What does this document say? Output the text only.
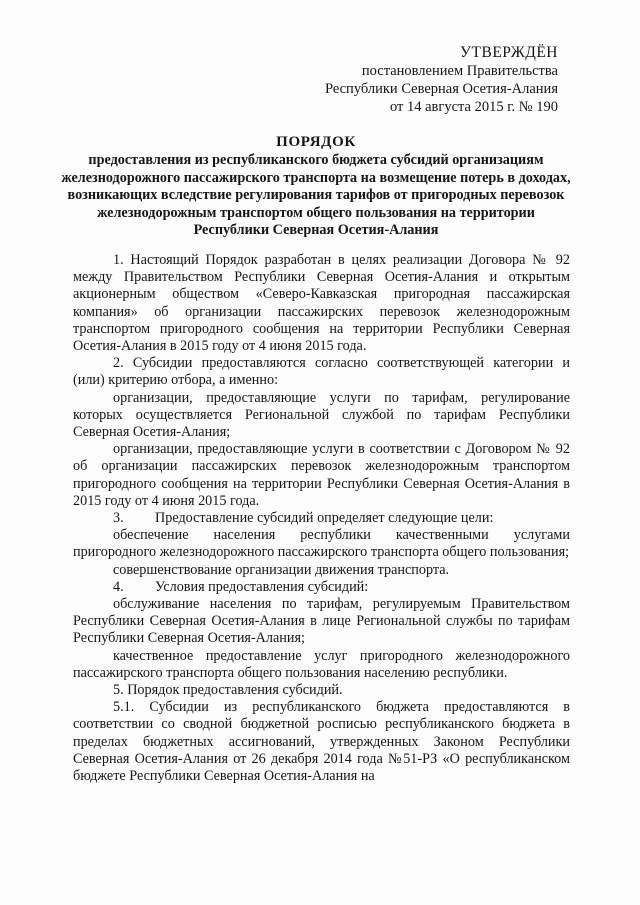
УТВЕРЖДЁН
постановлением Правительства
Республики Северная Осетия-Алания
от 14 августа 2015 г. № 190
ПОРЯДОК
предоставления из республиканского бюджета субсидий организациям железнодорожного пассажирского транспорта на возмещение потерь в доходах, возникающих вследствие регулирования тарифов от пригородных перевозок железнодорожным транспортом общего пользования на территории Республики Северная Осетия-Алания

1. Настоящий Порядок разработан в целях реализации Договора № 92 между Правительством Республики Северная Осетия-Алания и открытым акционерным обществом «Северо-Кавказская пригородная пассажирская компания» об организации пассажирских перевозок железнодорожным транспортом пригородного сообщения на территории Республики Северная Осетия-Алания в 2015 году от 4 июня 2015 года.

2. Субсидии предоставляются согласно соответствующей категории и (или) критерию отбора, а именно:

организации, предоставляющие услуги по тарифам, регулирование которых осуществляется Региональной службой по тарифам Республики Северная Осетия-Алания;

организации, предоставляющие услуги в соответствии с Договором № 92 об организации пассажирских перевозок железнодорожным транспортом пригородного сообщения на территории Республики Северная Осетия-Алания в 2015 году от 4 июня 2015 года.

3. Предоставление субсидий определяет следующие цели:

обеспечение населения республики качественными услугами пригородного железнодорожного пассажирского транспорта общего пользования;

совершенствование организации движения транспорта.

4. Условия предоставления субсидий:

обслуживание населения по тарифам, регулируемым Правительством Республики Северная Осетия-Алания в лице Региональной службы по тарифам Республики Северная Осетия-Алания;

качественное предоставление услуг пригородного железнодорожного пассажирского транспорта общего пользования населению республики.

5. Порядок предоставления субсидий.

5.1. Субсидии из республиканского бюджета предоставляются в соответствии со сводной бюджетной росписью республиканского бюджета в пределах бюджетных ассигнований, утвержденных Законом Республики Северная Осетия-Алания от 26 декабря 2014 года №51-РЗ «О республиканском бюджете Республики Северная Осетия-Алания на
